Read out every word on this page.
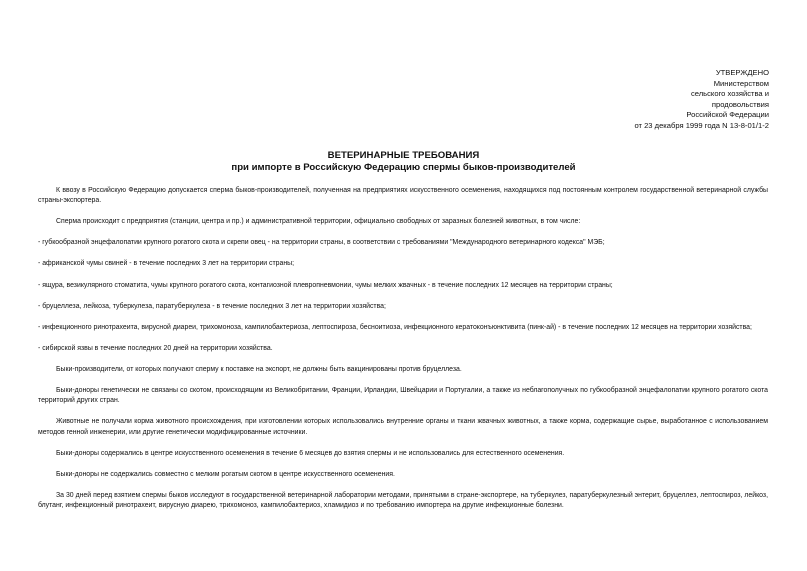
УТВЕРЖДЕНО
Министерством
сельского хозяйства и
продовольствия
Российской Федерации
от 23 декабря 1999 года N 13-8-01/1-2
ВЕТЕРИНАРНЫЕ ТРЕБОВАНИЯ
при импорте в Российскую Федерацию спермы быков-производителей

К ввозу в Российскую Федерацию допускается сперма быков-производителей, полученная на предприятиях искусственного осеменения, находящихся под постоянным контролем государственной ветеринарной службы страны-экспортера.

Сперма происходит с предприятия (станции, центра и пр.) и административной территории, официально свободных от заразных болезней животных, в том числе:

- губкообразной энцефалопатии крупного рогатого скота и скрепи овец - на территории страны, в соответствии с требованиями "Международного ветеринарного кодекса" МЭБ;

- африканской чумы свиней - в течение последних 3 лет на территории страны;

- ящура, везикулярного стоматита, чумы крупного рогатого скота, контагиозной плевропневмонии, чумы мелких жвачных - в течение последних 12 месяцев на территории страны;

- бруцеллеза, лейкоза, туберкулеза, паратуберкулеза - в течение последних 3 лет на территории хозяйства;

- инфекционного ринотрахеита, вирусной диареи, трихомоноза, кампилобактериоза, лептоспироза, бесноитиоза, инфекционного кератоконъюнктивита (пинк-ай) - в течение последних 12 месяцев на территории хозяйства;

- сибирской язвы в течение последних 20 дней на территории хозяйства.

Быки-производители, от которых получают сперму к поставке на экспорт, не должны быть вакцинированы против бруцеллеза.

Быки-доноры генетически не связаны со скотом, происходящим из Великобритании, Франции, Ирландии, Швейцарии и Португалии, а также из неблагополучных по губкообразной энцефалопатии крупного рогатого скота территорий других стран.

Животные не получали корма животного происхождения, при изготовлении которых использовались внутренние органы и ткани жвачных животных, а также корма, содержащие сырье, выработанное с использованием методов генной инженерии, или другие генетически модифицированные источники.

Быки-доноры содержались в центре искусственного осеменения в течение 6 месяцев до взятия спермы и не использовались для естественного осеменения.

Быки-доноры не содержались совместно с мелким рогатым скотом в центре искусственного осеменения.

За 30 дней перед взятием спермы быков исследуют в государственной ветеринарной лаборатории методами, принятыми в стране-экспортере, на туберкулез, паратуберкулезный энтерит, бруцеллез, лептоспироз, лейкоз, блутанг, инфекционный ринотрахеит, вирусную диарею, трихомоноз, кампилобактериоз, хламидиоз и по требованию импортера на другие инфекционные болезни.
